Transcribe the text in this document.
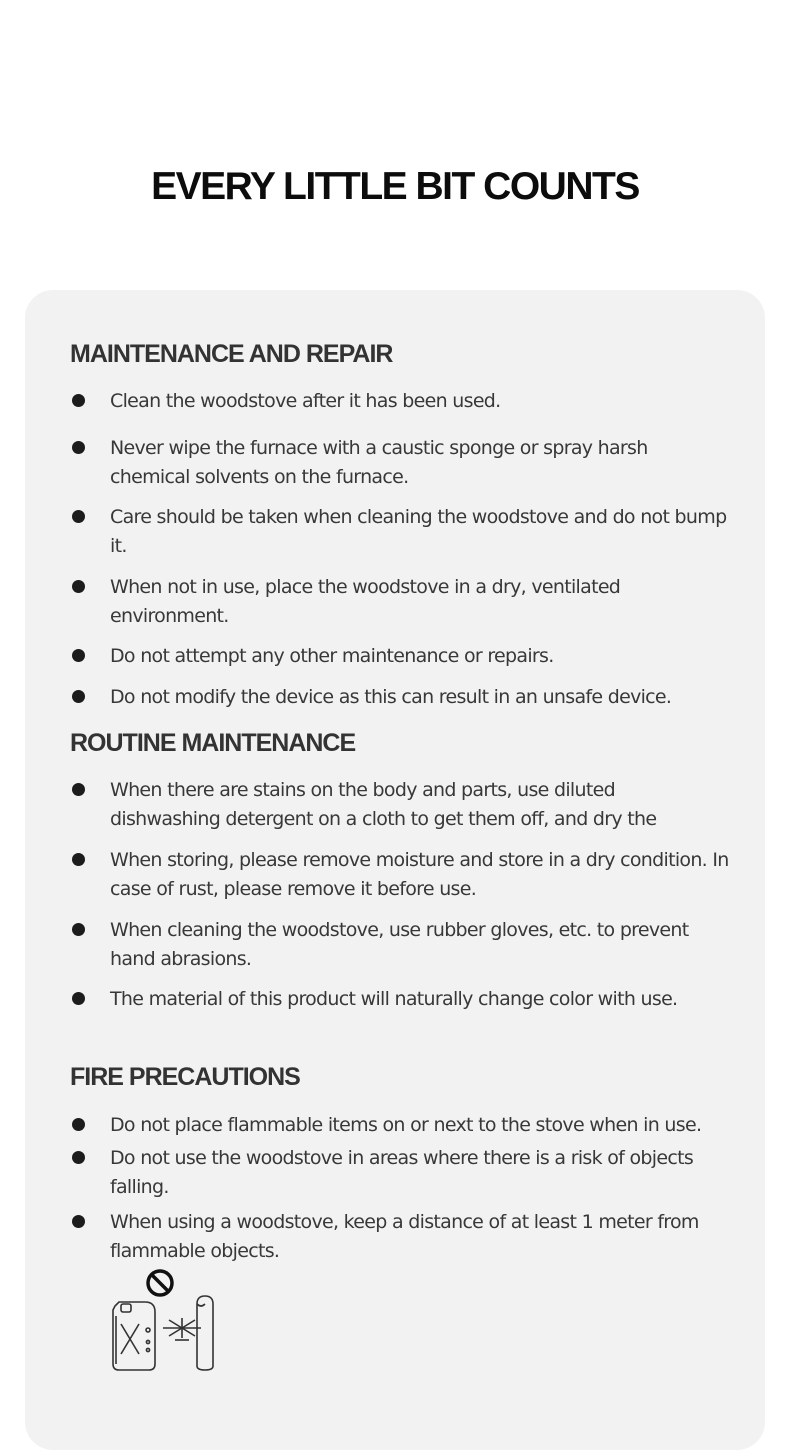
EVERY LITTLE BIT COUNTS
MAINTENANCE AND REPAIR
Clean the woodstove after it has been used.
Never wipe the furnace with a caustic sponge or spray harsh chemical solvents on the furnace.
Care should be taken when cleaning the woodstove and do not bump it.
When not in use, place the woodstove in a dry, ventilated environment.
Do not attempt any other maintenance or repairs.
Do not modify the device as this can result in an unsafe device.
ROUTINE MAINTENANCE
When there are stains on the body and parts, use diluted dishwashing detergent on a cloth to get them off, and dry the
When storing, please remove moisture and store in a dry condition. In case of rust, please remove it before use.
When cleaning the woodstove, use rubber gloves, etc. to prevent hand abrasions.
The material of this product will naturally change color with use.
FIRE PRECAUTIONS
Do not place flammable items on or next to the stove when in use.
Do not use the woodstove in areas where there is a risk of objects falling.
When using a woodstove, keep a distance of at least 1 meter from flammable objects.
